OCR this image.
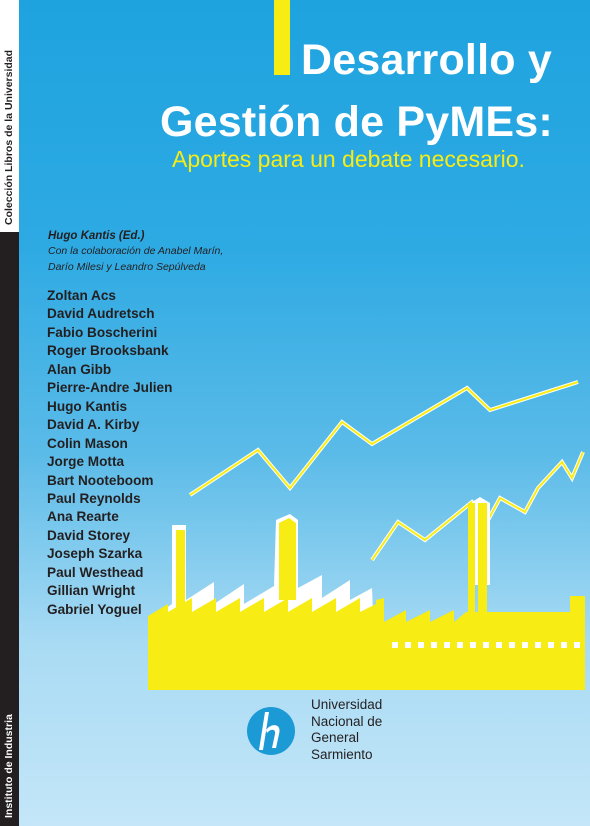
Colección Libros de la Universidad
Instituto de Industria
Desarrollo y
Gestión de PyMEs:
Aportes para un debate necesario.
Hugo Kantis (Ed.)
Con la colaboración de Anabel Marín,
Darío Milesi y Leandro Sepúlveda
Zoltan Acs
David Audretsch
Fabio Boscherini
Roger Brooksbank
Alan Gibb
Pierre-Andre Julien
Hugo Kantis
David A. Kirby
Colin Mason
Jorge Motta
Bart Nooteboom
Paul Reynolds
Ana Rearte
David Storey
Joseph Szarka
Paul Westhead
Gillian Wright
Gabriel Yoguel
Universidad
Nacional de
General
Sarmiento
